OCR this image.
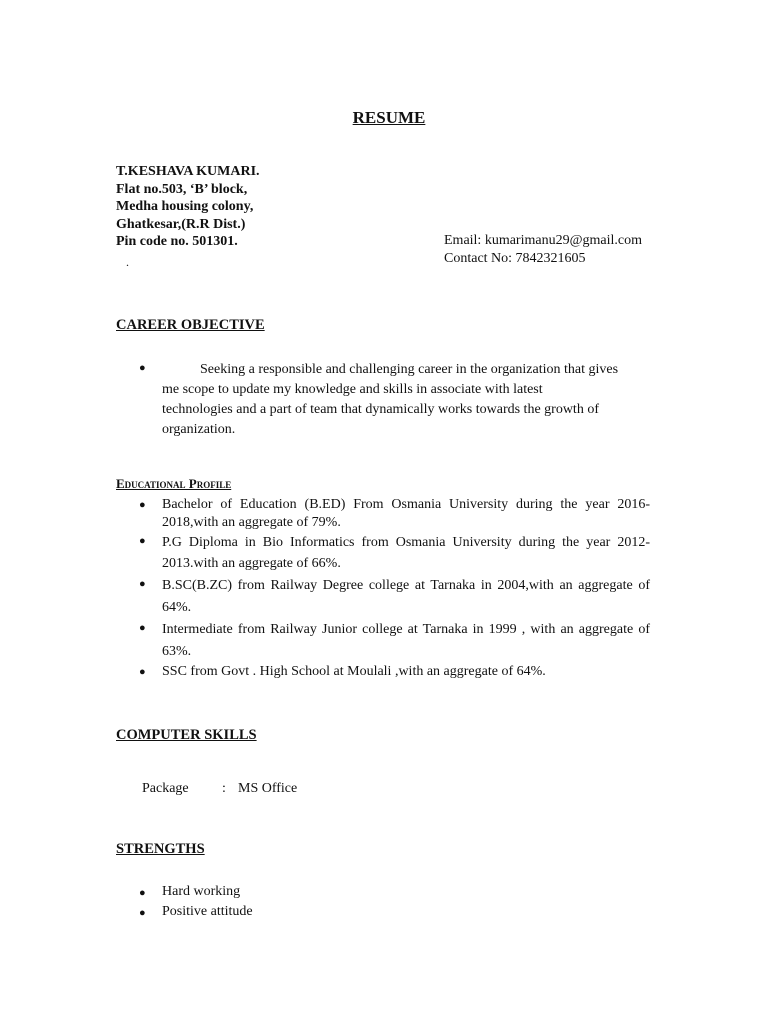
RESUME
T.KESHAVA KUMARI.
Flat no.503, ‘B’ block,
Medha housing colony,
Ghatkesar,(R.R Dist.)
Pin code no. 501301.	Email: kumarimanu29@gmail.com
Contact No: 7842321605
.
CAREER OBJECTIVE
●	Seeking a responsible and challenging career in the organization that gives
me scope to update my knowledge and skills in associate with latest
technologies and a part of team that dynamically works towards the growth of
organization.
Educational Profile
●
●
●
●
●
Bachelor of Education (B.ED) From Osmania University during the year 2016-2018,with an aggregate of 79%.
P.G Diploma in Bio Informatics from Osmania University during the year 2012-2013.with an aggregate of 66%.
B.SC(B.ZC) from Railway Degree college at Tarnaka in 2004,with an aggregate of 64%.
Intermediate from Railway Junior college at Tarnaka in 1999 , with an aggregate of 63%.
SSC from Govt . High School at Moulali ,with an aggregate of 64%.
COMPUTER SKILLS
Package : MS Office
STRENGTHS
● Hard working
● Positive attitude
